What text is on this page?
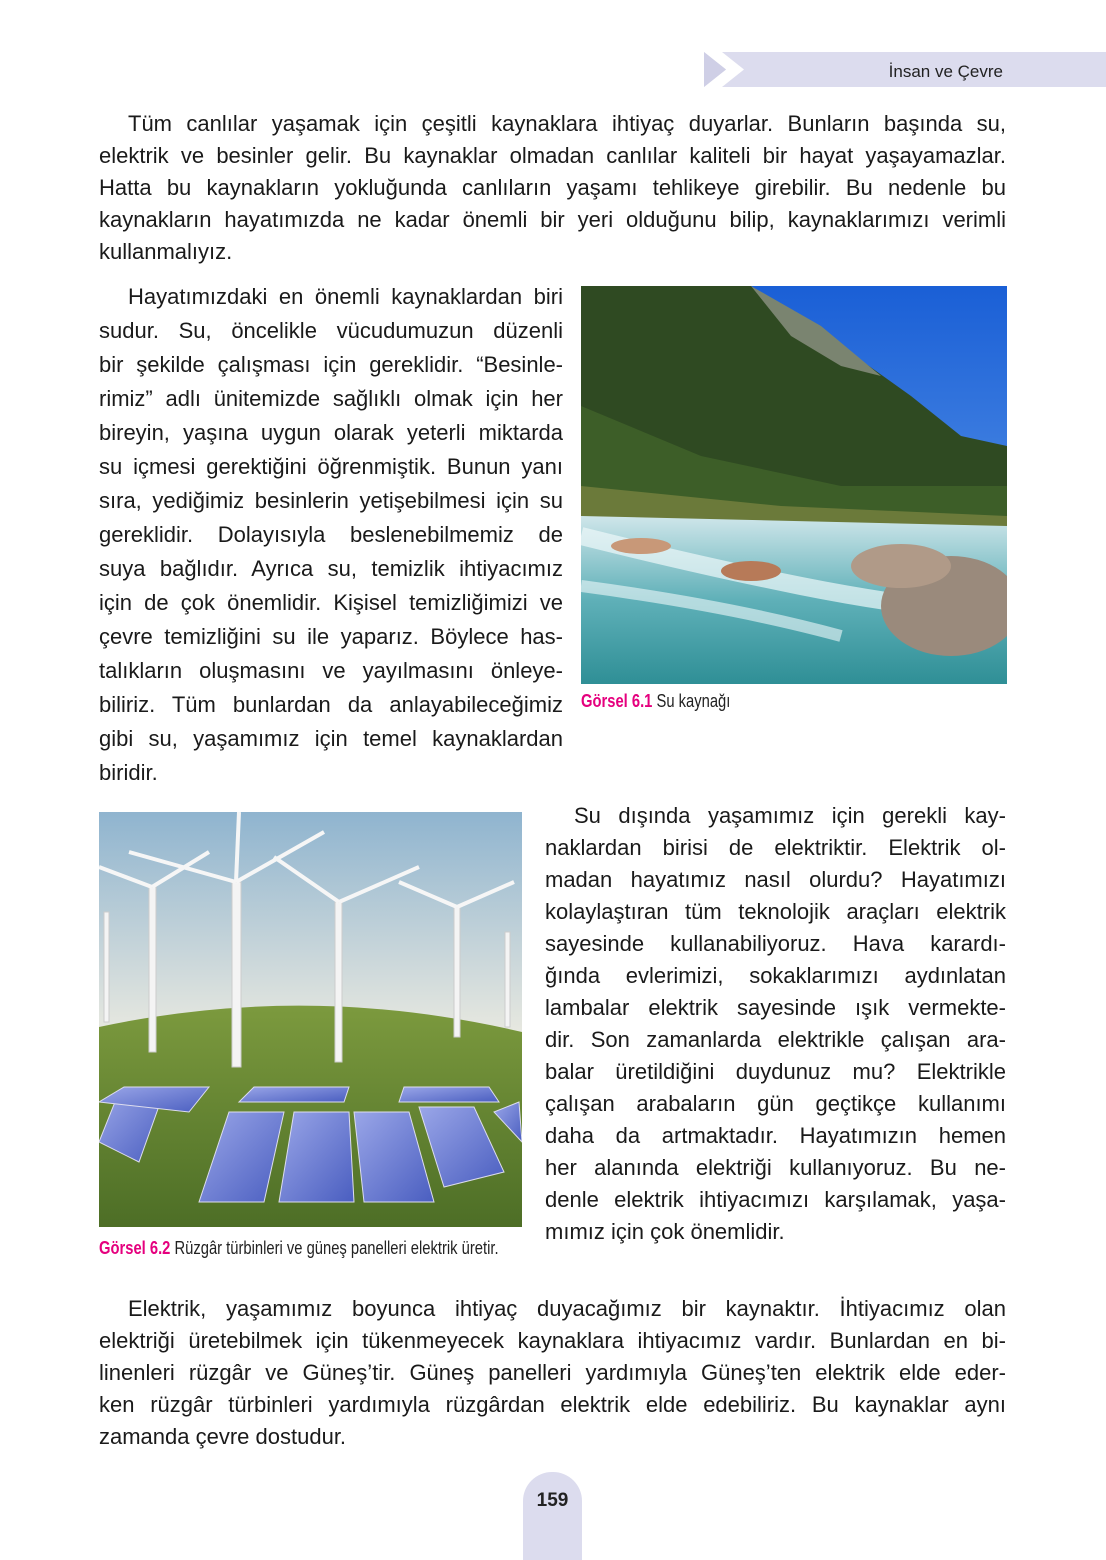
İnsan ve Çevre
Tüm canlılar yaşamak için çeşitli kaynaklara ihtiyaç duyarlar. Bunların başında su,
elektrik ve besinler gelir. Bu kaynaklar olmadan canlılar kaliteli bir hayat yaşayamazlar.
Hatta bu kaynakların yokluğunda canlıların yaşamı tehlikeye girebilir. Bu nedenle bu
kaynakların hayatımızda ne kadar önemli bir yeri olduğunu bilip, kaynaklarımızı verimli
kullanmalıyız.
Hayatımızdaki en önemli kaynaklardan biri
sudur. Su, öncelikle vücudumuzun düzenli
bir şekilde çalışması için gereklidir. “Besinle-
rimiz” adlı ünitemizde sağlıklı olmak için her
bireyin, yaşına uygun olarak yeterli miktarda
su içmesi gerektiğini öğrenmiştik. Bunun yanı
sıra, yediğimiz besinlerin yetişebilmesi için su
gereklidir. Dolayısıyla beslenebilmemiz de
suya bağlıdır. Ayrıca su, temizlik ihtiyacımız
için de çok önemlidir. Kişisel temizliğimizi ve
çevre temizliğini su ile yaparız. Böylece has-
talıkların oluşmasını ve yayılmasını önleye-
biliriz. Tüm bunlardan da anlayabileceğimiz
gibi su, yaşamımız için temel kaynaklardan
biridir.
Su dışında yaşamımız için gerekli kay-
naklardan birisi de elektriktir. Elektrik ol-
madan hayatımız nasıl olurdu? Hayatımızı
kolaylaştıran tüm teknolojik araçları elektrik
sayesinde kullanabiliyoruz. Hava karardı-
ğında evlerimizi, sokaklarımızı aydınlatan
lambalar elektrik sayesinde ışık vermekte-
dir. Son zamanlarda elektrikle çalışan ara-
balar üretildiğini duydunuz mu? Elektrikle
çalışan arabaların gün geçtikçe kullanımı
daha da artmaktadır. Hayatımızın hemen
her alanında elektriği kullanıyoruz. Bu ne-
denle elektrik ihtiyacımızı karşılamak, yaşa-
mımız için çok önemlidir.
Elektrik, yaşamımız boyunca ihtiyaç duyacağımız bir kaynaktır. İhtiyacımız olan
elektriği üretebilmek için tükenmeyecek kaynaklara ihtiyacımız vardır. Bunlardan en bi-
linenleri rüzgâr ve Güneş’tir. Güneş panelleri yardımıyla Güneş’ten elektrik elde eder-
ken rüzgâr türbinleri yardımıyla rüzgârdan elektrik elde edebiliriz. Bu kaynaklar aynı
zamanda çevre dostudur.
Görsel 6.1 Su kaynağı
Görsel 6.2 Rüzgâr türbinleri ve güneş panelleri elektrik üretir.
159
